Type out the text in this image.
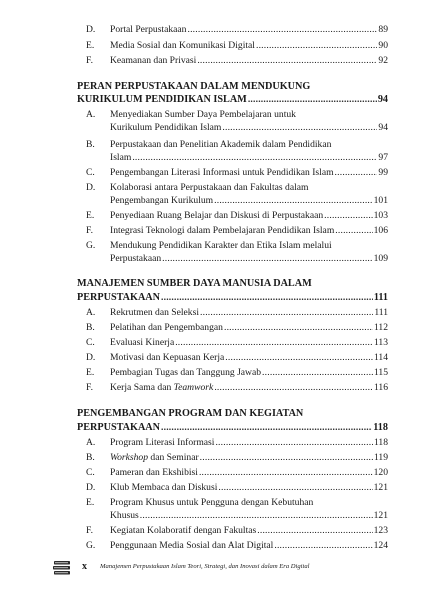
D.	Portal Perpustakaan .....	89
E.	Media Sosial dan Komunikasi Digital .....	90
F.	Keamanan dan Privasi .....	92
PERAN PERPUSTAKAAN DALAM MENDUKUNG
KURIKULUM PENDIDIKAN ISLAM .....	94
A. Menyediakan Sumber Daya Pembelajaran untuk
Kurikulum Pendidikan Islam .....	94
B. Perpustakaan dan Penelitian Akademik dalam Pendidikan
Islam .....	97
C.	Pengembangan Literasi Informasi untuk Pendidikan Islam .....	99
D. Kolaborasi antara Perpustakaan dan Fakultas dalam
Pengembangan Kurikulum .....	101
E.	Penyediaan Ruang Belajar dan Diskusi di Perpustakaan .....	103
F.	Integrasi Teknologi dalam Pembelajaran Pendidikan Islam .....	106
G. Mendukung Pendidikan Karakter dan Etika Islam melalui
Perpustakaan .....	109
MANAJEMEN SUMBER DAYA MANUSIA DALAM
PERPUSTAKAAN .....	111
A.	Rekrutmen dan Seleksi .....	111
B.	Pelatihan dan Pengembangan .....	112
C.	Evaluasi Kinerja .....	113
D.	Motivasi dan Kepuasan Kerja .....	114
E.	Pembagian Tugas dan Tanggung Jawab .....	115
F.	Kerja Sama dan Teamwork .....	116
PENGEMBANGAN PROGRAM DAN KEGIATAN
PERPUSTAKAAN .....	118
A.	Program Literasi Informasi .....	118
B.	Workshop dan Seminar .....	119
C.	Pameran dan Ekshibisi .....	120
D.	Klub Membaca dan Diskusi .....	121
E. Program Khusus untuk Pengguna dengan Kebutuhan
Khusus .....	121
F.	Kegiatan Kolaboratif dengan Fakultas .....	123
G.	Penggunaan Media Sosial dan Alat Digital .....	124
x Manajemen Perpustakaan Islam Teori, Strategi, dan Inovasi dalam Era Digital
